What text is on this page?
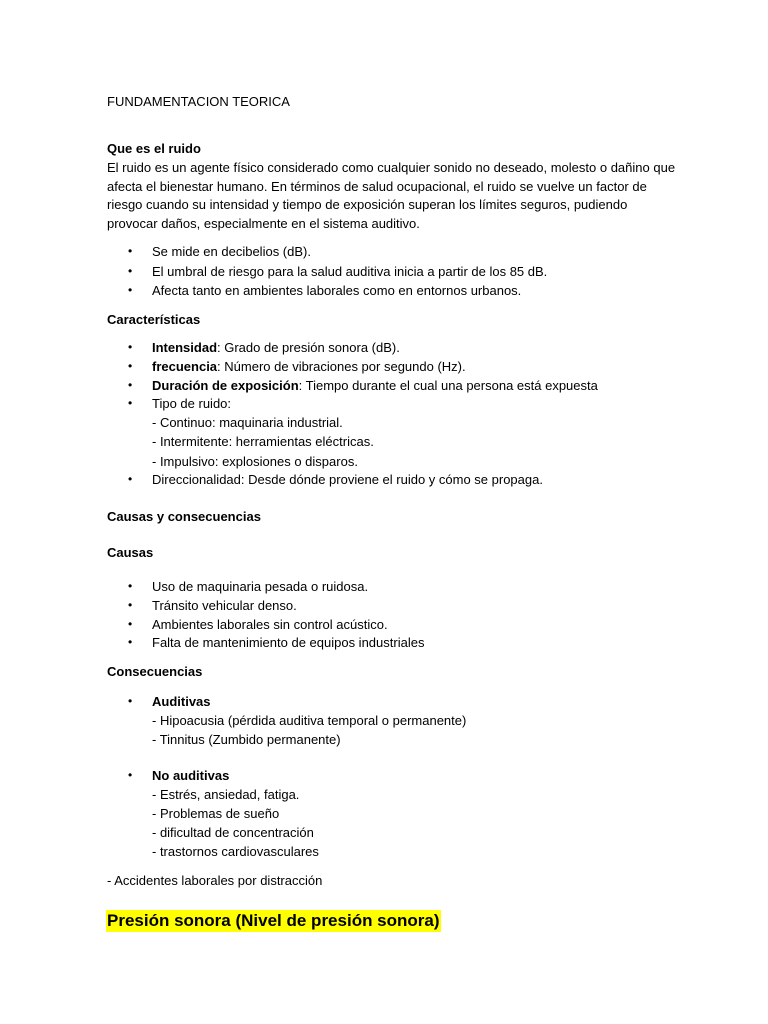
FUNDAMENTACION TEORICA
Que es el ruido
El ruido es un agente físico considerado como cualquier sonido no deseado, molesto o dañino que
afecta el bienestar humano. En términos de salud ocupacional, el ruido se vuelve un factor de
riesgo cuando su intensidad y tiempo de exposición superan los límites seguros, pudiendo
provocar daños, especialmente en el sistema auditivo.
• Se mide en decibelios (dB).
• El umbral de riesgo para la salud auditiva inicia a partir de los 85 dB.
• Afecta tanto en ambientes laborales como en entornos urbanos.
Características
• Intensidad: Grado de presión sonora (dB).
• frecuencia: Número de vibraciones por segundo (Hz).
• Duración de exposición: Tiempo durante el cual una persona está expuesta
• Tipo de ruido:
- Continuo: maquinaria industrial.
- Intermitente: herramientas eléctricas.
- Impulsivo: explosiones o disparos.
• Direccionalidad: Desde dónde proviene el ruido y cómo se propaga.
Causas y consecuencias
Causas
• Uso de maquinaria pesada o ruidosa.
• Tránsito vehicular denso.
• Ambientes laborales sin control acústico.
• Falta de mantenimiento de equipos industriales
Consecuencias
• Auditivas
- Hipoacusia (pérdida auditiva temporal o permanente)
- Tinnitus (Zumbido permanente)
• No auditivas
- Estrés, ansiedad, fatiga.
- Problemas de sueño
- dificultad de concentración
- trastornos cardiovasculares
- Accidentes laborales por distracción
Presión sonora (Nivel de presión sonora)
